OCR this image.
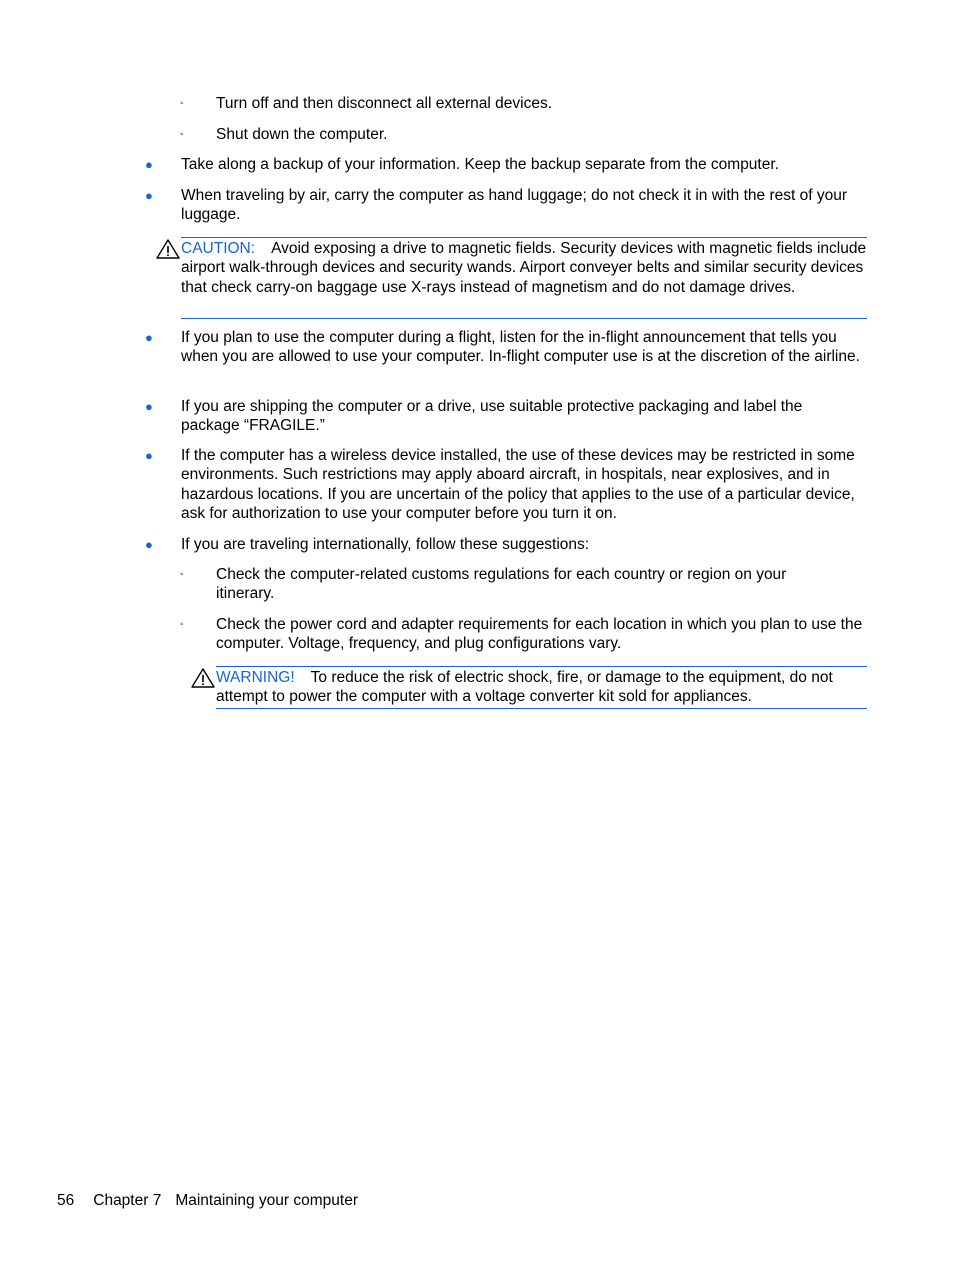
◦ Turn off and then disconnect all external devices.
◦ Shut down the computer.
● Take along a backup of your information. Keep the backup separate from the computer.
● When traveling by air, carry the computer as hand luggage; do not check it in with the rest of your luggage.
CAUTION: Avoid exposing a drive to magnetic fields. Security devices with magnetic fields include airport walk-through devices and security wands. Airport conveyer belts and similar security devices that check carry-on baggage use X-rays instead of magnetism and do not damage drives.
● If you plan to use the computer during a flight, listen for the in-flight announcement that tells you when you are allowed to use your computer. In-flight computer use is at the discretion of the airline.
● If you are shipping the computer or a drive, use suitable protective packaging and label the package “FRAGILE.”
● If the computer has a wireless device installed, the use of these devices may be restricted in some environments. Such restrictions may apply aboard aircraft, in hospitals, near explosives, and in hazardous locations. If you are uncertain of the policy that applies to the use of a particular device, ask for authorization to use your computer before you turn it on.
● If you are traveling internationally, follow these suggestions:
◦ Check the computer-related customs regulations for each country or region on your itinerary.
◦ Check the power cord and adapter requirements for each location in which you plan to use the computer. Voltage, frequency, and plug configurations vary.
WARNING! To reduce the risk of electric shock, fire, or damage to the equipment, do not attempt to power the computer with a voltage converter kit sold for appliances.
56 Chapter 7 Maintaining your computer
